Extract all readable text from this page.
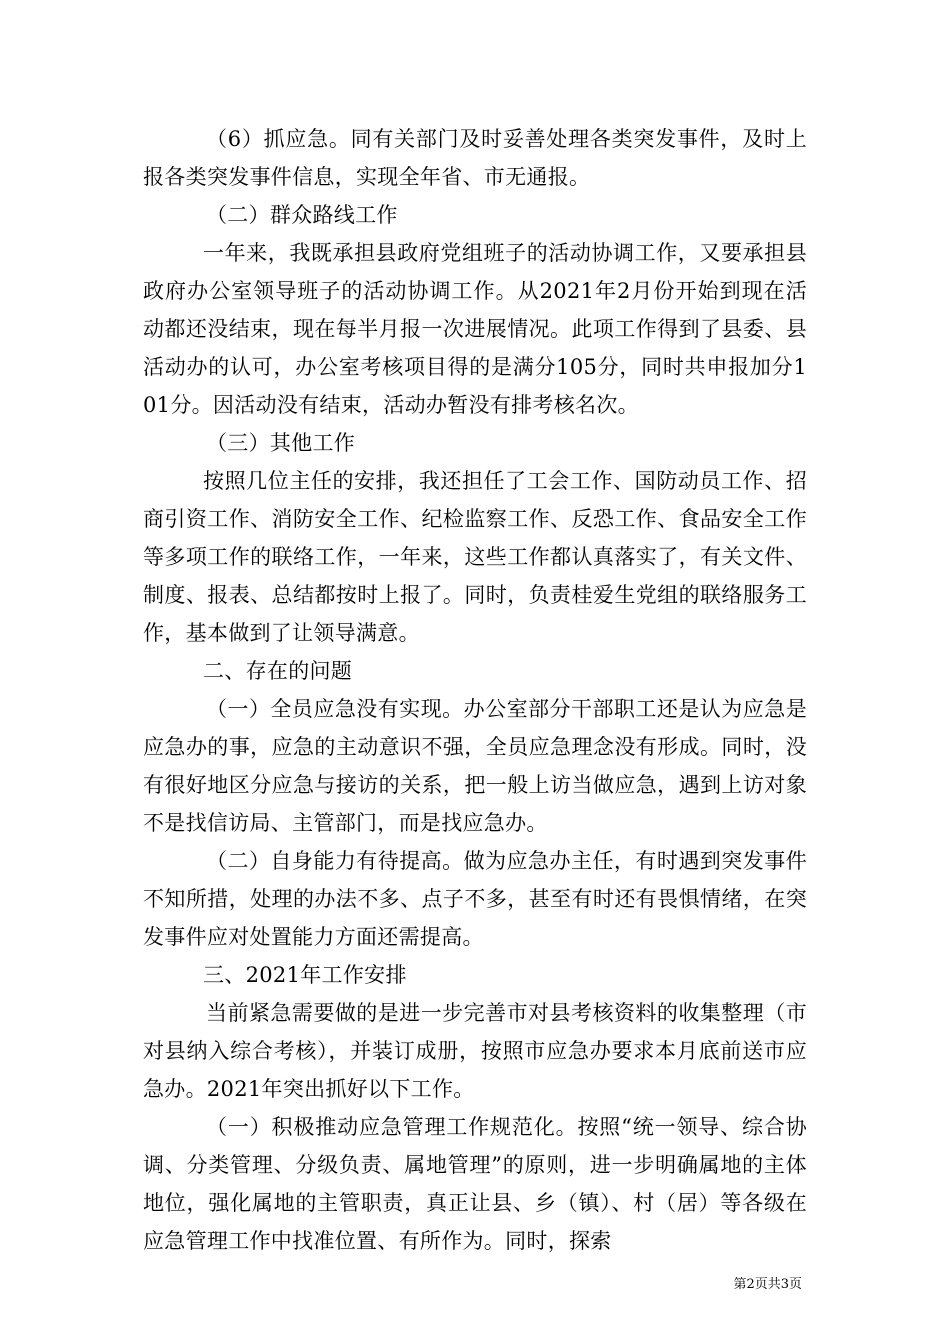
（6）抓应急。同有关部门及时妥善处理各类突发事件，及时上报各类突发事件信息，实现全年省、市无通报。

（二）群众路线工作

一年来，我既承担县政府党组班子的活动协调工作，又要承担县政府办公室领导班子的活动协调工作。从2021年2月份开始到现在活动都还没结束，现在每半月报一次进展情况。此项工作得到了县委、县活动办的认可，办公室考核项目得的是满分105分，同时共申报加分101分。因活动没有结束，活动办暂没有排考核名次。

（三）其他工作

按照几位主任的安排，我还担任了工会工作、国防动员工作、招商引资工作、消防安全工作、纪检监察工作、反恐工作、食品安全工作等多项工作的联络工作，一年来，这些工作都认真落实了，有关文件、制度、报表、总结都按时上报了。同时，负责桂爱生党组的联络服务工作，基本做到了让领导满意。

二、存在的问题

（一）全员应急没有实现。办公室部分干部职工还是认为应急是应急办的事，应急的主动意识不强，全员应急理念没有形成。同时，没有很好地区分应急与接访的关系，把一般上访当做应急，遇到上访对象不是找信访局、主管部门，而是找应急办。

（二）自身能力有待提高。做为应急办主任，有时遇到突发事件不知所措，处理的办法不多、点子不多，甚至有时还有畏惧情绪，在突发事件应对处置能力方面还需提高。

三、2021年工作安排

当前紧急需要做的是进一步完善市对县考核资料的收集整理（市对县纳入综合考核），并装订成册，按照市应急办要求本月底前送市应急办。2021年突出抓好以下工作。

（一）积极推动应急管理工作规范化。按照“统一领导、综合协调、分类管理、分级负责、属地管理”的原则，进一步明确属地的主体地位，强化属地的主管职责，真正让县、乡（镇）、村（居）等各级在应急管理工作中找准位置、有所作为。同时，探索

第2页共3页
